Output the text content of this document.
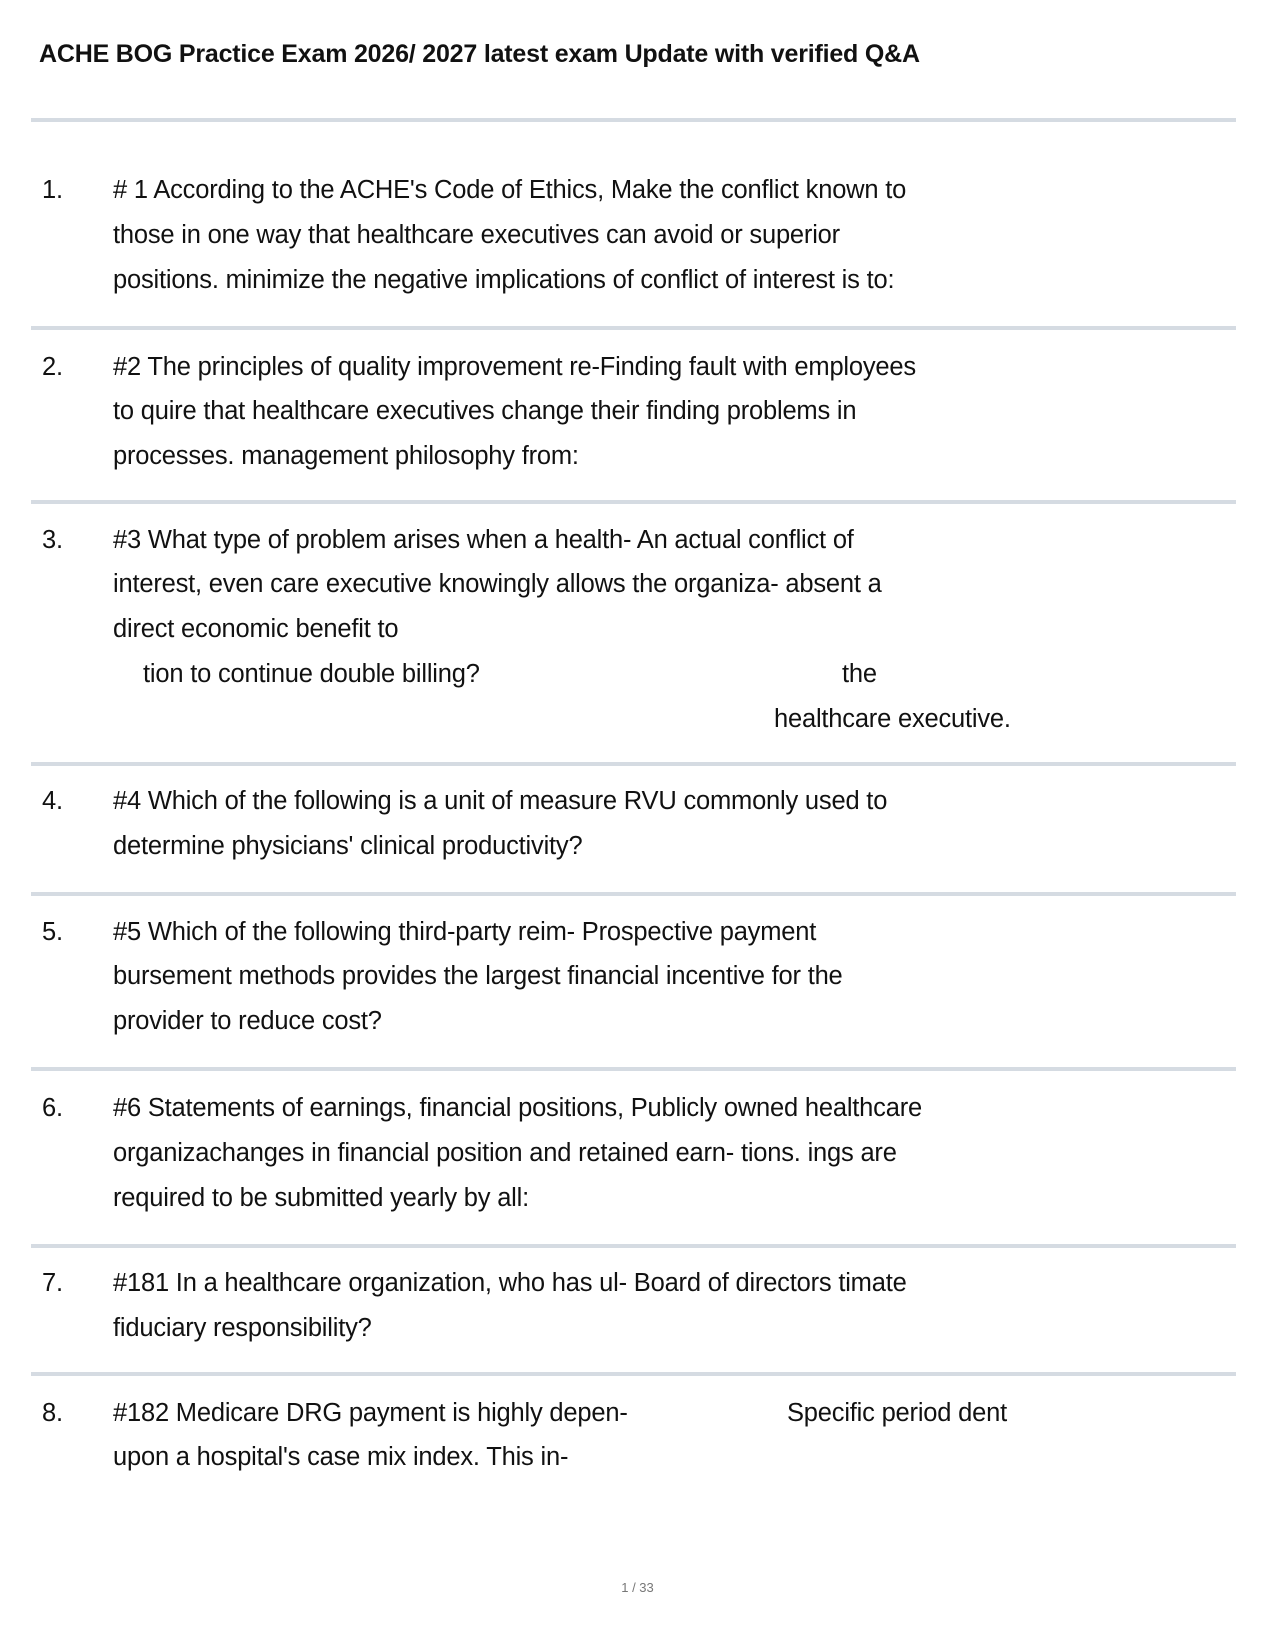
ACHE BOG Practice Exam 2026/ 2027 latest exam Update with verified Q&A
1. # 1 According to the ACHE's Code of Ethics, Make the conflict known to
those in one way that healthcare executives can avoid or superior
positions. minimize the negative implications of conflict of interest is to:
2. #2 The principles of quality improvement re-Finding fault with employees
to quire that healthcare executives change their finding problems in
processes. management philosophy from:
3. #3 What type of problem arises when a health- An actual conflict of
interest, even care executive knowingly allows the organiza- absent a
direct economic benefit to
tion to continue double billing?	the
healthcare executive.
4. #4 Which of the following is a unit of measure RVU commonly used to
determine physicians' clinical productivity?
5. #5 Which of the following third-party reim- Prospective payment
bursement methods provides the largest financial incentive for the
provider to reduce cost?
6. #6 Statements of earnings, financial positions, Publicly owned healthcare
organizachanges in financial position and retained earn- tions. ings are
required to be submitted yearly by all:
7. #181 In a healthcare organization, who has ul- Board of directors timate
fiduciary responsibility?
8. #182 Medicare DRG payment is highly depen-	Specific period dent
upon a hospital's case mix index. This in-
1 / 33
